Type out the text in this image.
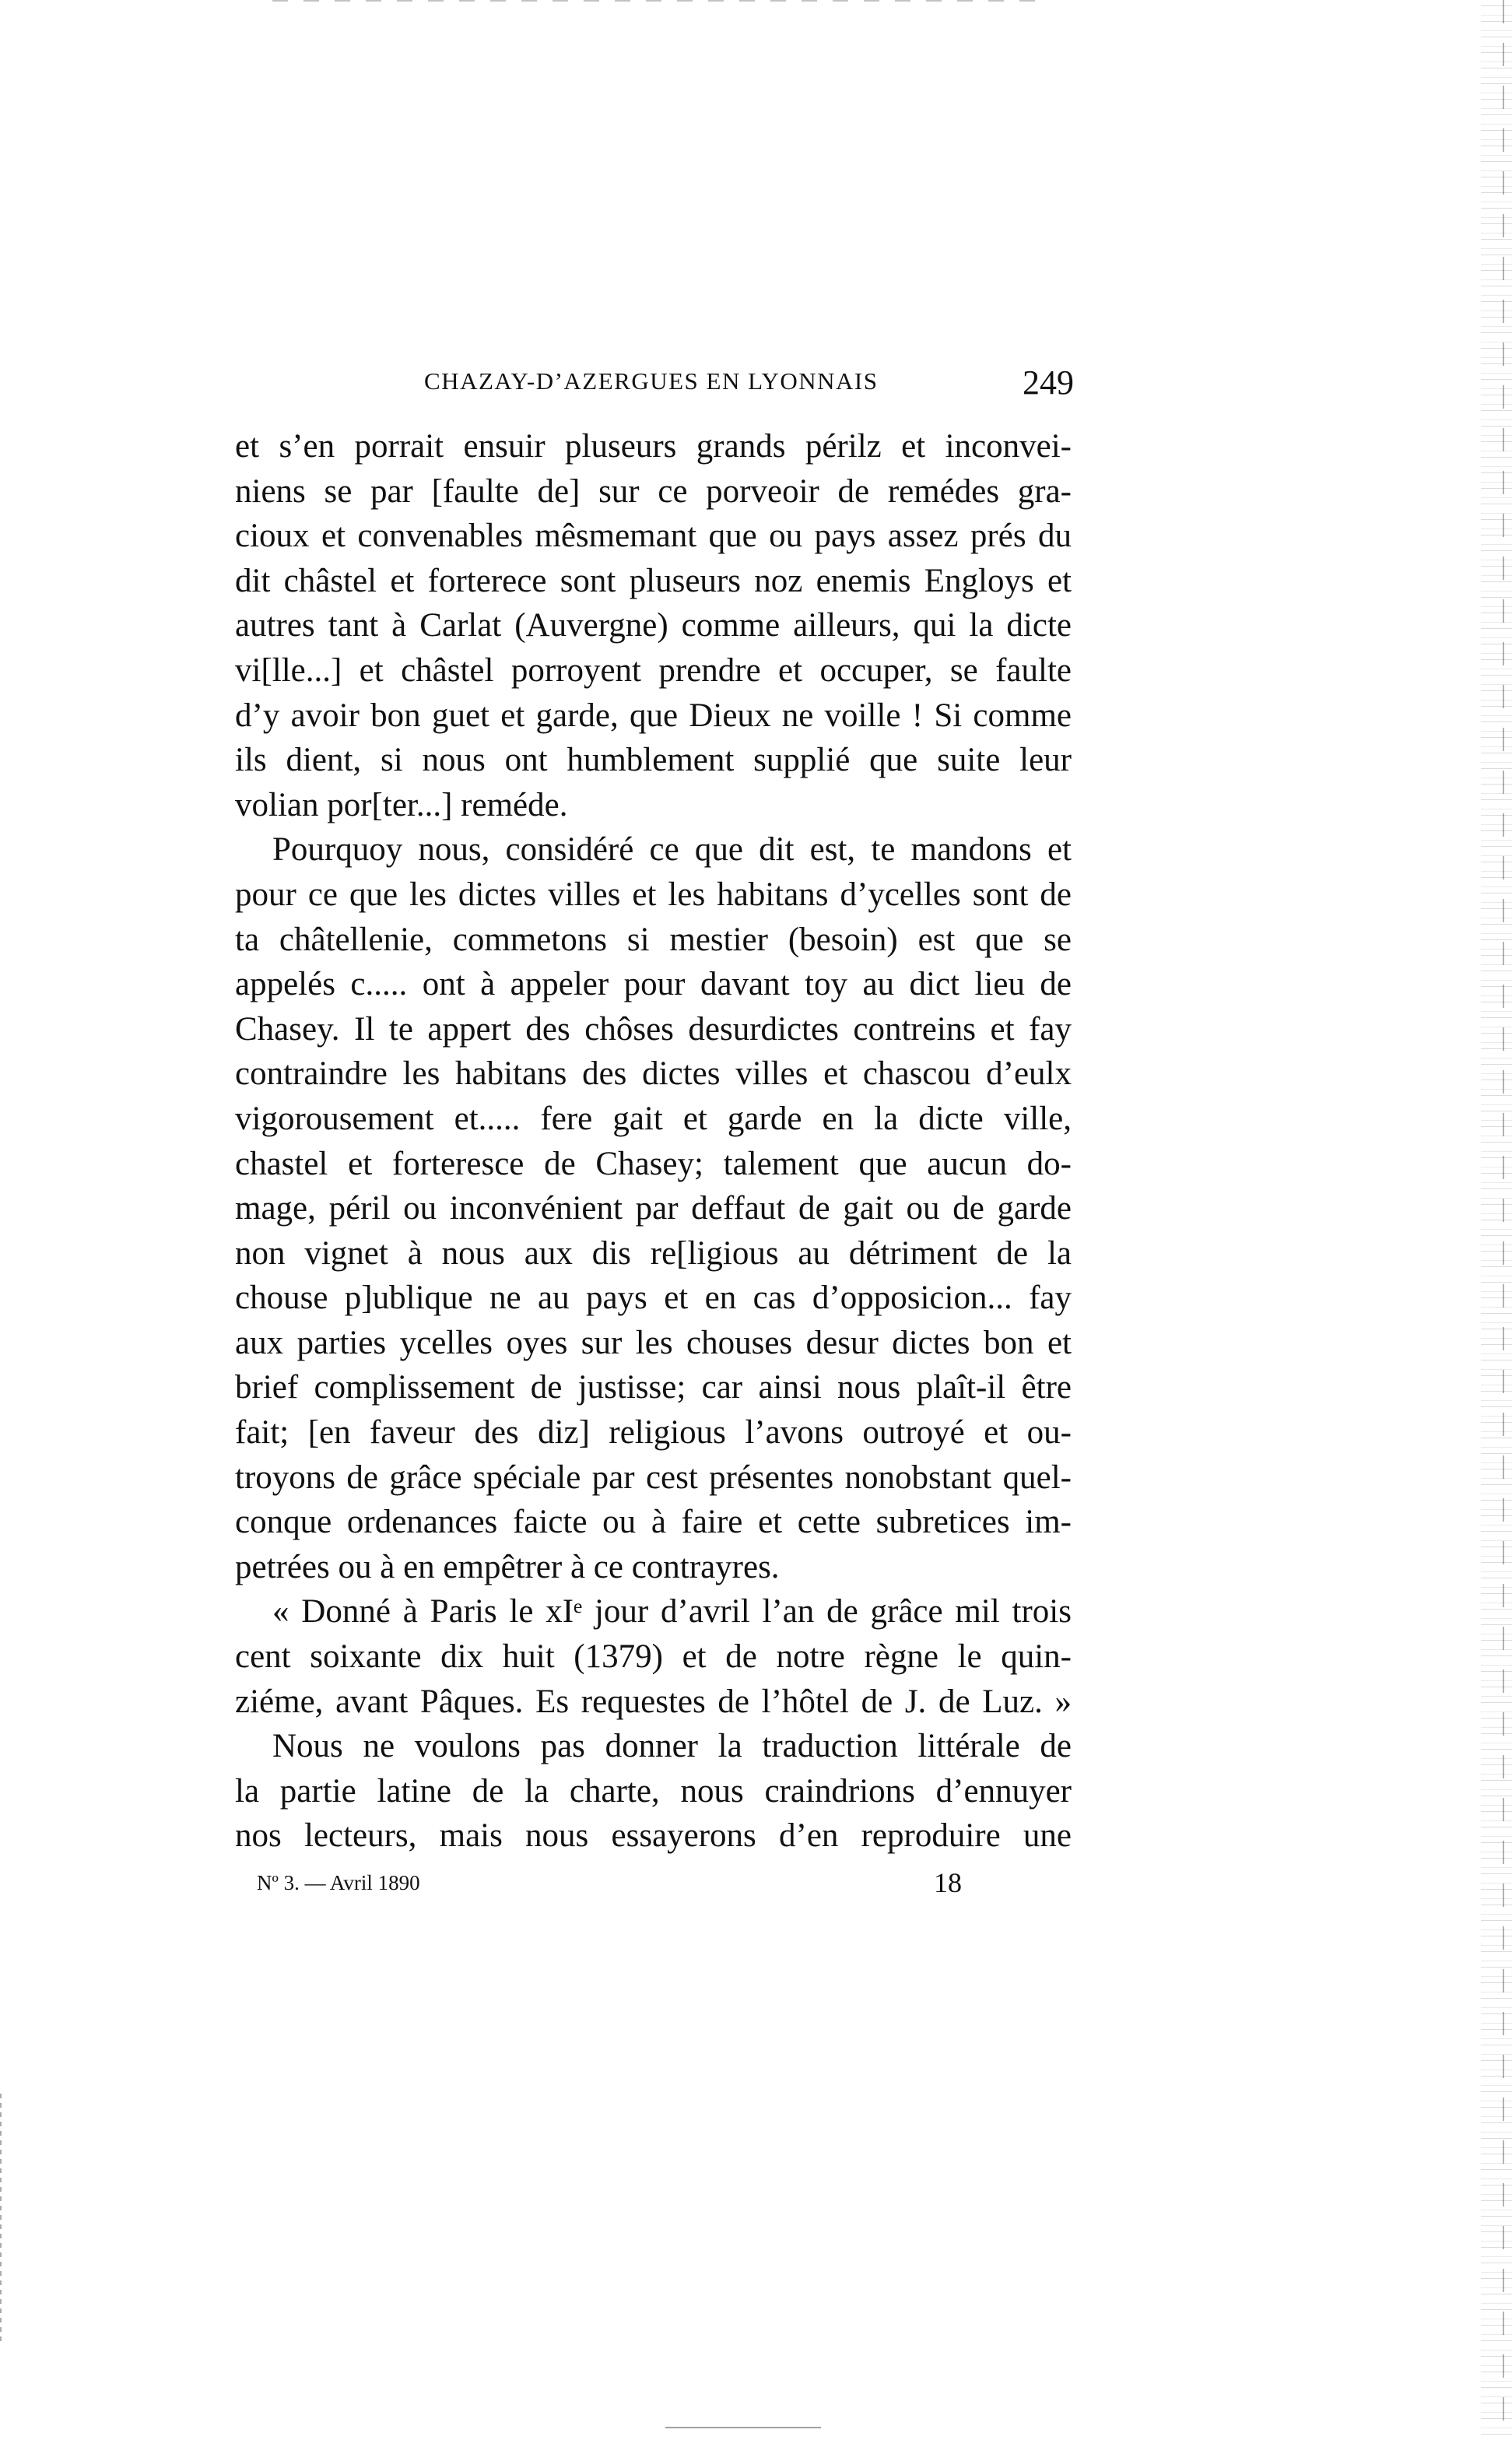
CHAZAY-D’AZERGUES EN LYONNAIS	249
et s’en porrait ensuir pluseurs grands périlz et inconvei-
niens se par [faulte de] sur ce porveoir de remédes gra-
cioux et convenables mêsmemant que ou pays assez prés du
dit châstel et forterece sont pluseurs noz enemis Engloys et
autres tant à Carlat (Auvergne) comme ailleurs, qui la dicte
vi[lle...] et châstel porroyent prendre et occuper, se faulte
d’y avoir bon guet et garde, que Dieux ne voille ! Si comme
ils dient, si nous ont humblement supplié que suite leur
volian por[ter...] reméde.
Pourquoy nous, considéré ce que dit est, te mandons et
pour ce que les dictes villes et les habitans d’ycelles sont de
ta châtellenie, commetons si mestier (besoin) est que se
appelés c..... ont à appeler pour davant toy au dict lieu de
Chasey. Il te appert des chôses desurdictes contreins et fay
contraindre les habitans des dictes villes et chascou d’eulx
vigorousement et..... fere gait et garde en la dicte ville,
chastel et forteresce de Chasey; talement que aucun do-
mage, péril ou inconvénient par deffaut de gait ou de garde
non vignet à nous aux dis re[ligious au détriment de la
chouse p]ublique ne au pays et en cas d’opposicion... fay
aux parties ycelles oyes sur les chouses desur dictes bon et
brief complissement de justisse; car ainsi nous plaît-il être
fait; [en faveur des diz] religious l’avons outroyé et ou-
troyons de grâce spéciale par cest présentes nonobstant quel-
conque ordenances faicte ou à faire et cette subretices im-
petrées ou à en empêtrer à ce contrayres.
« Donné à Paris le xIᵉ jour d’avril l’an de grâce mil trois
cent soixante dix huit (1379) et de notre règne le quin-
ziéme, avant Pâques. Es requestes de l’hôtel de J. de Luz. »
Nous ne voulons pas donner la traduction littérale de
la partie latine de la charte, nous craindrions d’ennuyer
nos lecteurs, mais nous essayerons d’en reproduire une
Nº 3. — Avril 1890	18
